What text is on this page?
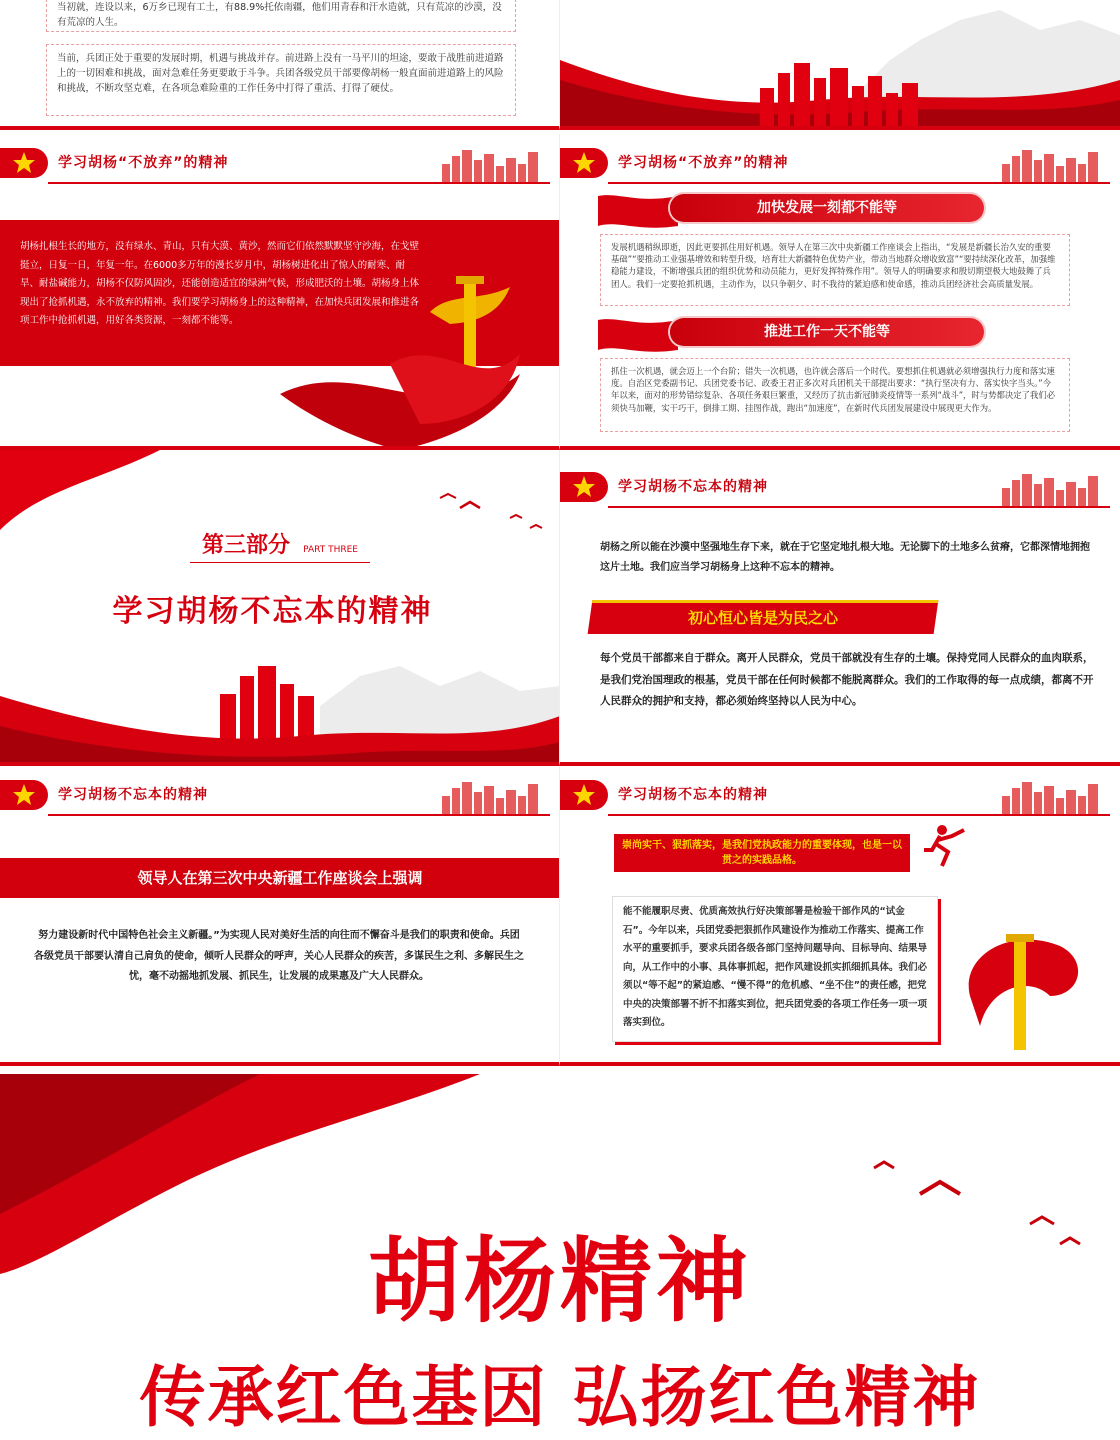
当初就，连设以来，6万乡已现有工土，有88.9%托依南疆，他们用青春和汗水造就，只有荒凉的沙漠，没有荒凉的人生。
当前，兵团正处于重要的发展时期，机遇与挑战并存。前进路上没有一马平川的坦途，要敢于战胜前进道路上的一切困难和挑战，面对急难任务更要敢于斗争。兵团各级党员干部要像胡杨一般直面前进道路上的风险和挑战，不断攻坚克难，在各项急难险重的工作任务中打得了重活、打得了硬仗。
学习胡杨“不放弃”的精神
胡杨扎根生长的地方，没有绿水、青山，只有大漠、黄沙，然而它们依然默默坚守沙海，在戈壁挺立，日复一日，年复一年。在6000多万年的漫长岁月中，胡杨树进化出了惊人的耐寒、耐旱、耐盐碱能力，胡杨不仅防风固沙，还能创造适宜的绿洲气候，形成肥沃的土壤。胡杨身上体现出了抢抓机遇，永不放弃的精神。我们要学习胡杨身上的这种精神，在加快兵团发展和推进各项工作中抢抓机遇，用好各类资源，一刻都不能等。
学习胡杨“不放弃”的精神
加快发展一刻都不能等
发展机遇稍纵即逝，因此更要抓住用好机遇。领导人在第三次中央新疆工作座谈会上指出，“发展是新疆长治久安的重要基础”“要推动工业强基增效和转型升级，培育壮大新疆特色优势产业，带动当地群众增收致富”“要持续深化改革，加强维稳能力建设，不断增强兵团的组织优势和动员能力，更好发挥特殊作用”。领导人的明确要求和殷切期望极大地鼓舞了兵团人。我们一定要抢抓机遇，主动作为，以只争朝夕、时不我待的紧迫感和使命感，推动兵团经济社会高质量发展。
推进工作一天不能等
抓住一次机遇，就会迈上一个台阶；错失一次机遇，也许就会落后一个时代。要想抓住机遇就必须增强执行力度和落实速度。自治区党委副书记、兵团党委书记、政委王君正多次对兵团机关干部提出要求：“执行坚决有力、落实快字当头。”今年以来，面对的形势错综复杂、各项任务艰巨繁重，又经历了抗击新冠肺炎疫情等一系列“战斗”，时与势都决定了我们必须快马加鞭，实干巧干，倒排工期、挂图作战，跑出“加速度”，在新时代兵团发展建设中展现更大作为。
第三部分 PART THREE
学习胡杨不忘本的精神
学习胡杨不忘本的精神
胡杨之所以能在沙漠中坚强地生存下来，就在于它坚定地扎根大地。无论脚下的土地多么贫瘠，它都深情地拥抱这片土地。我们应当学习胡杨身上这种不忘本的精神。
初心恒心皆是为民之心
每个党员干部都来自于群众。离开人民群众，党员干部就没有生存的土壤。保持党同人民群众的血肉联系，是我们党治国理政的根基，党员干部在任何时候都不能脱离群众。我们的工作取得的每一点成绩，都离不开人民群众的拥护和支持，都必须始终坚持以人民为中心。
学习胡杨不忘本的精神
领导人在第三次中央新疆工作座谈会上强调
努力建设新时代中国特色社会主义新疆。”为实现人民对美好生活的向往而不懈奋斗是我们的职责和使命。兵团各级党员干部要认清自己肩负的使命，倾听人民群众的呼声，关心人民群众的疾苦，多谋民生之利、多解民生之忧，毫不动摇地抓发展、抓民生，让发展的成果惠及广大人民群众。
学习胡杨不忘本的精神
崇尚实干、狠抓落实，是我们党执政能力的重要体现，也是一以贯之的实践品格。
能不能履职尽责、优质高效执行好决策部署是检验干部作风的“试金石”。今年以来，兵团党委把狠抓作风建设作为推动工作落实、提高工作水平的重要抓手，要求兵团各级各部门坚持问题导向、目标导向、结果导向，从工作中的小事、具体事抓起，把作风建设抓实抓细抓具体。我们必须以“等不起”的紧迫感、“慢不得”的危机感、“坐不住”的责任感，把党中央的决策部署不折不扣落实到位，把兵团党委的各项工作任务一项一项落实到位。
胡杨精神
传承红色基因 弘扬红色精神
